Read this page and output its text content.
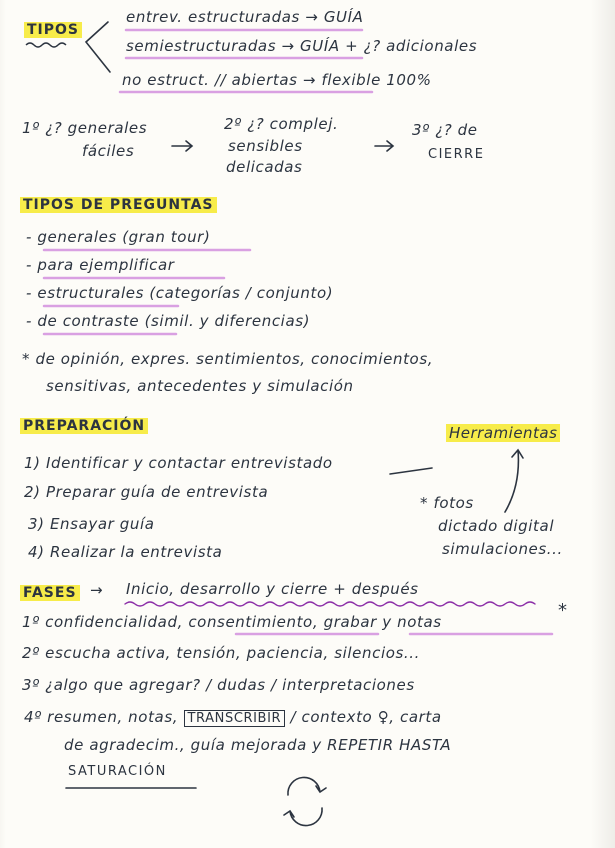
TIPOS
entrev. estructuradas → GUÍA
semiestructuradas → GUÍA + ¿? adicionales
no estruct. // abiertas → flexible 100%
1º ¿? generales
fáciles
2º ¿? complej.
sensibles
delicadas
3º ¿? de
CIERRE
TIPOS DE PREGUNTAS
- generales (gran tour)
- para ejemplificar
- estructurales (categorías / conjunto)
- de contraste (simil. y diferencias)
* de opinión, expres. sentimientos, conocimientos,
sensitivas, antecedentes y simulación
PREPARACIÓN
1) Identificar y contactar entrevistado
2) Preparar guía de entrevista
3) Ensayar guía
4) Realizar la entrevista
Herramientas
* fotos
dictado digital
simulaciones...
FASES → Inicio, desarrollo y cierre + después
*
1º confidencialidad, consentimiento, grabar y notas
2º escucha activa, tensión, paciencia, silencios...
3º ¿algo que agregar? / dudas / interpretaciones
4º resumen, notas, TRANSCRIBIR / contexto ♀, carta
de agradecim., guía mejorada y REPETIR HASTA
SATURACIÓN
